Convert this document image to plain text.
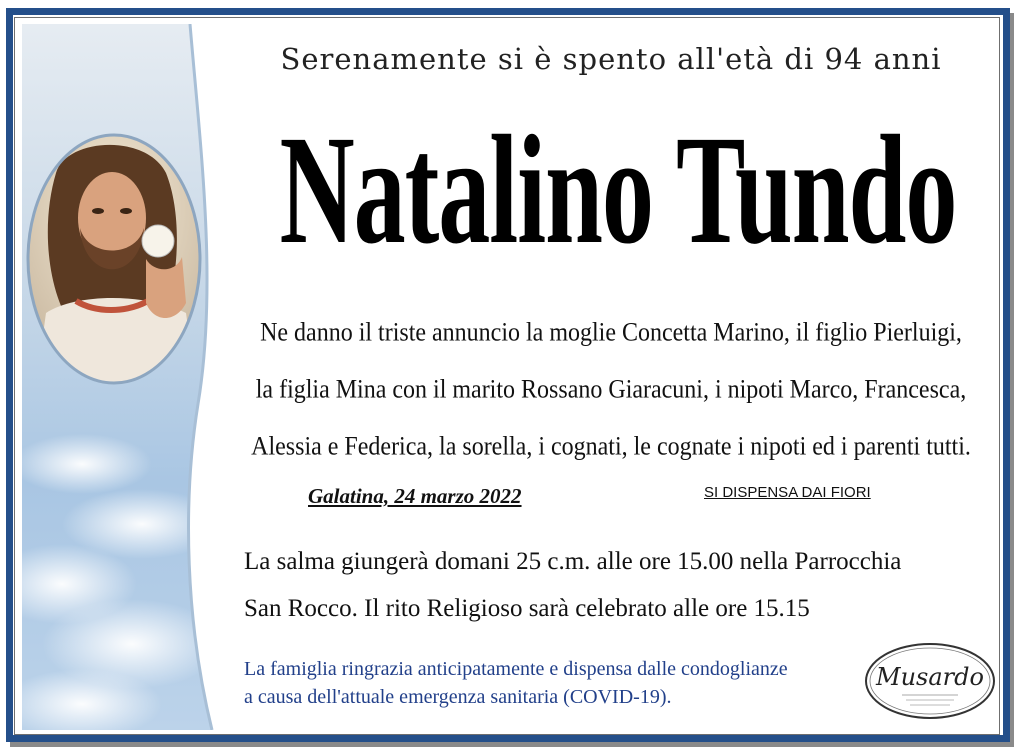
Serenamente si è spento all'età di 94 anni
Natalino Tundo
Ne danno il triste annuncio la moglie Concetta Marino, il figlio Pierluigi,
la figlia Mina con il marito Rossano Giaracuni, i nipoti Marco, Francesca,
Alessia e Federica, la sorella, i cognati, le cognate i nipoti ed i parenti tutti.
Galatina, 24 marzo 2022	SI DISPENSA DAI FIORI
La salma giungerà domani 25 c.m. alle ore 15.00 nella Parrocchia
San Rocco. Il rito Religioso sarà celebrato alle ore 15.15
La famiglia ringrazia anticipatamente e dispensa dalle condoglianze
a causa dell'attuale emergenza sanitaria (COVID-19).
Musardo
